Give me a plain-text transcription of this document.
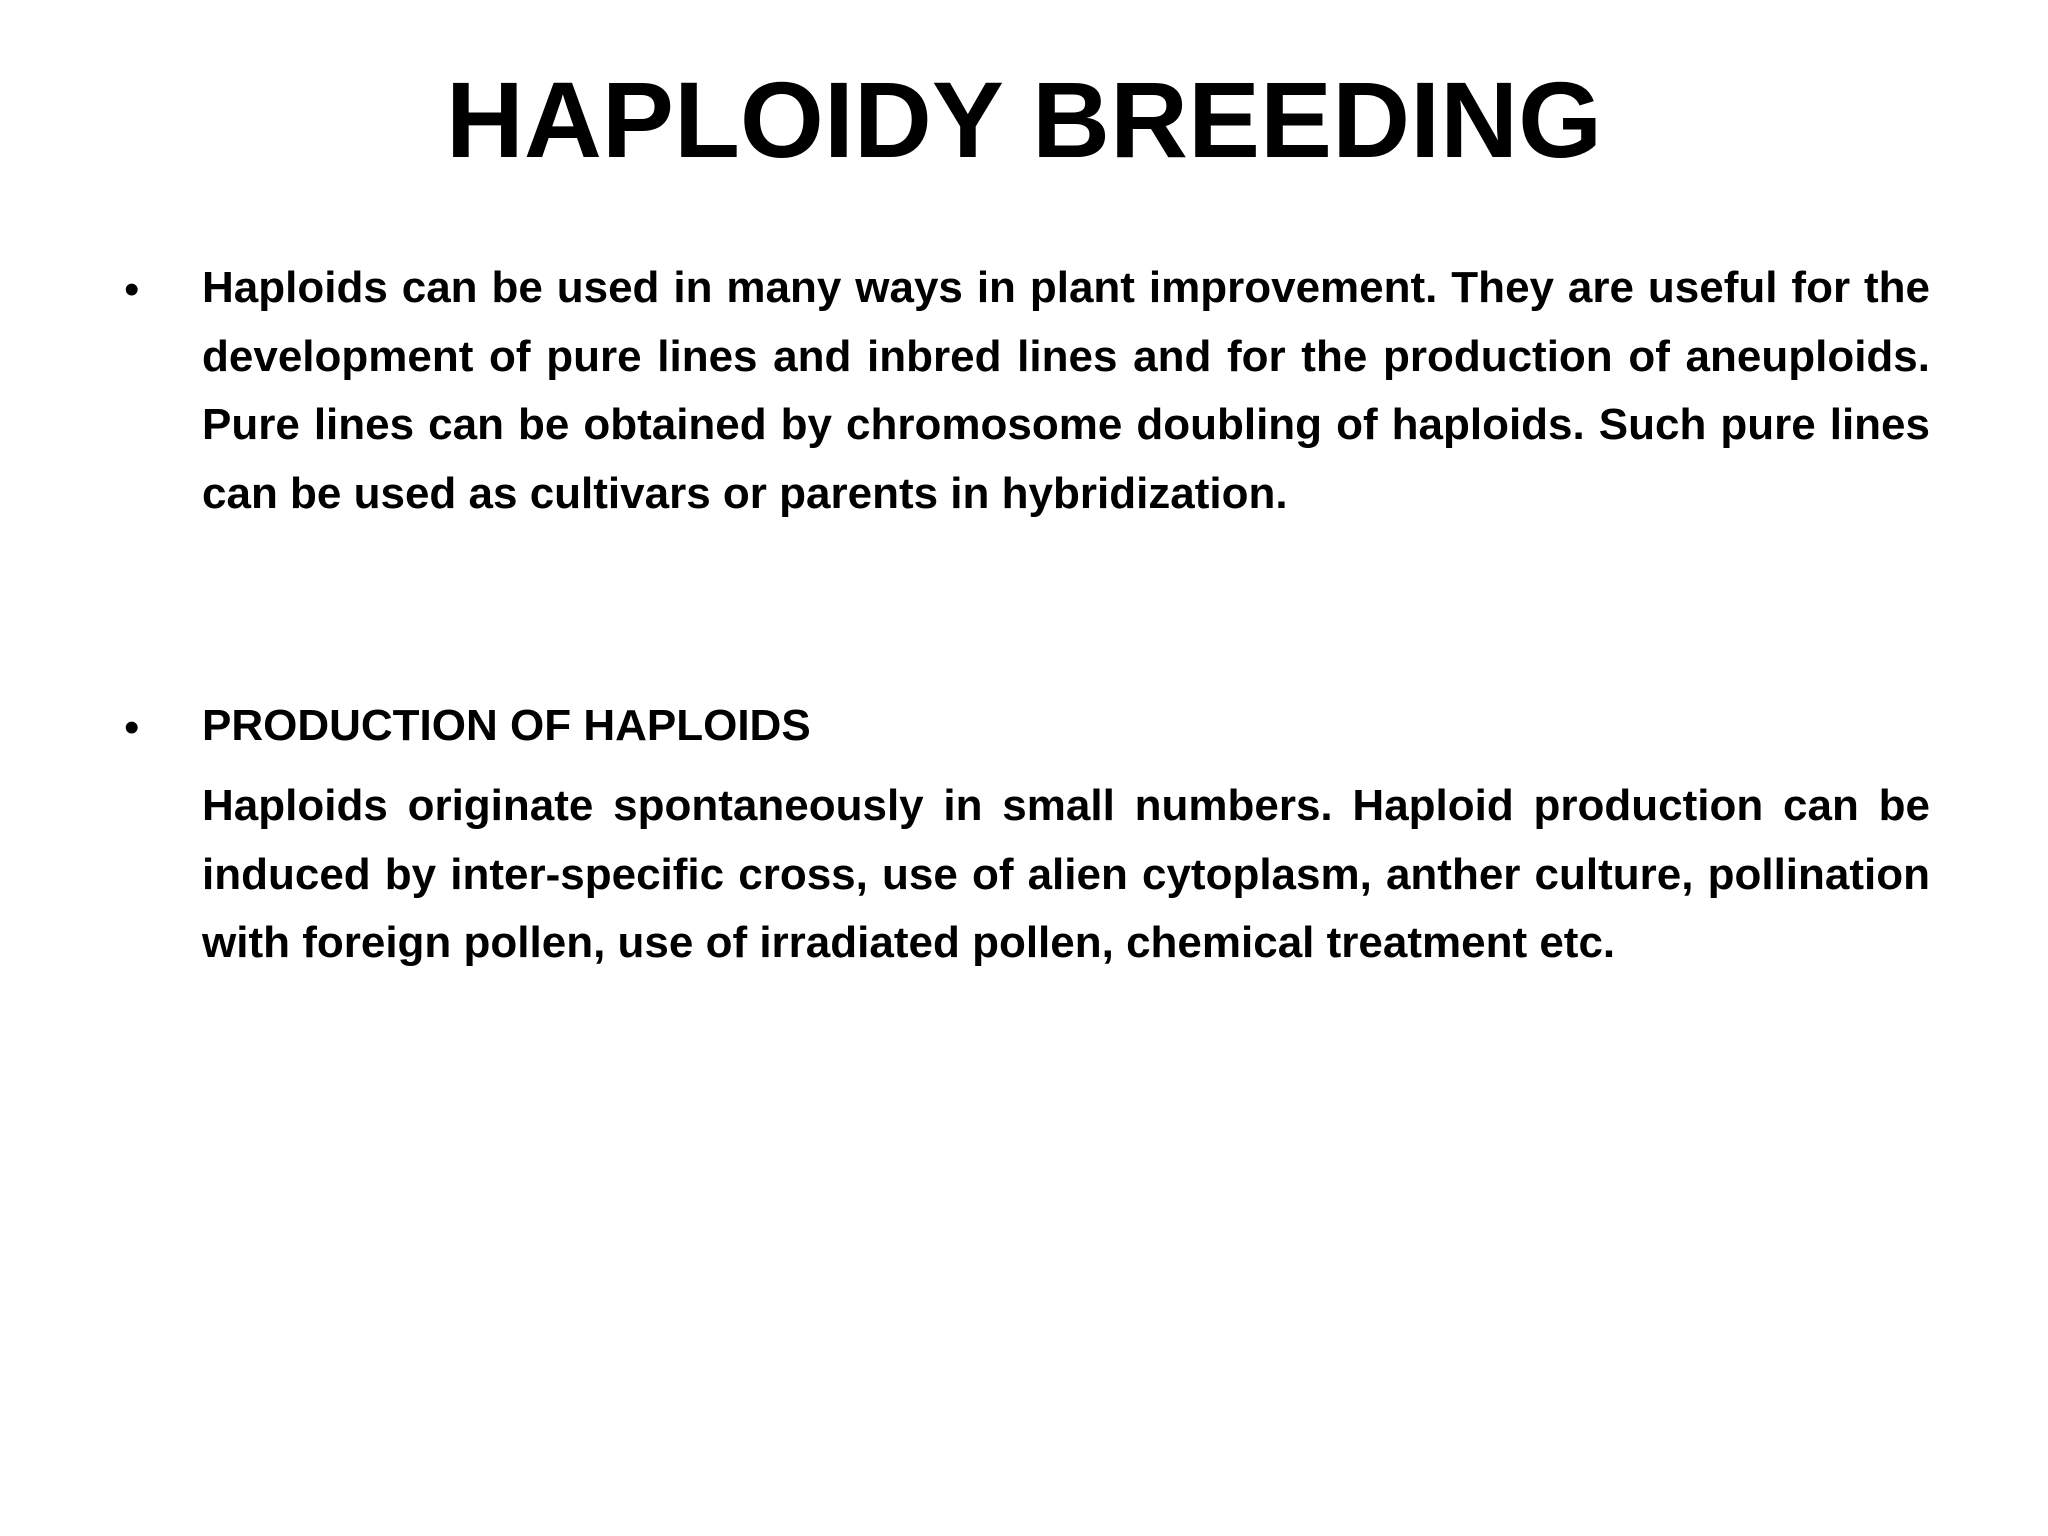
HAPLOIDY BREEDING
• Haploids can be used in many ways in plant improvement. They are useful for the development of pure lines and inbred lines and for the production of aneuploids. Pure lines can be obtained by chromosome doubling of haploids. Such pure lines can be used as cultivars or parents in hybridization.
• PRODUCTION OF HAPLOIDS
Haploids originate spontaneously in small numbers. Haploid production can be induced by inter-specific cross, use of alien cytoplasm, anther culture, pollination with foreign pollen, use of irradiated pollen, chemical treatment etc.
